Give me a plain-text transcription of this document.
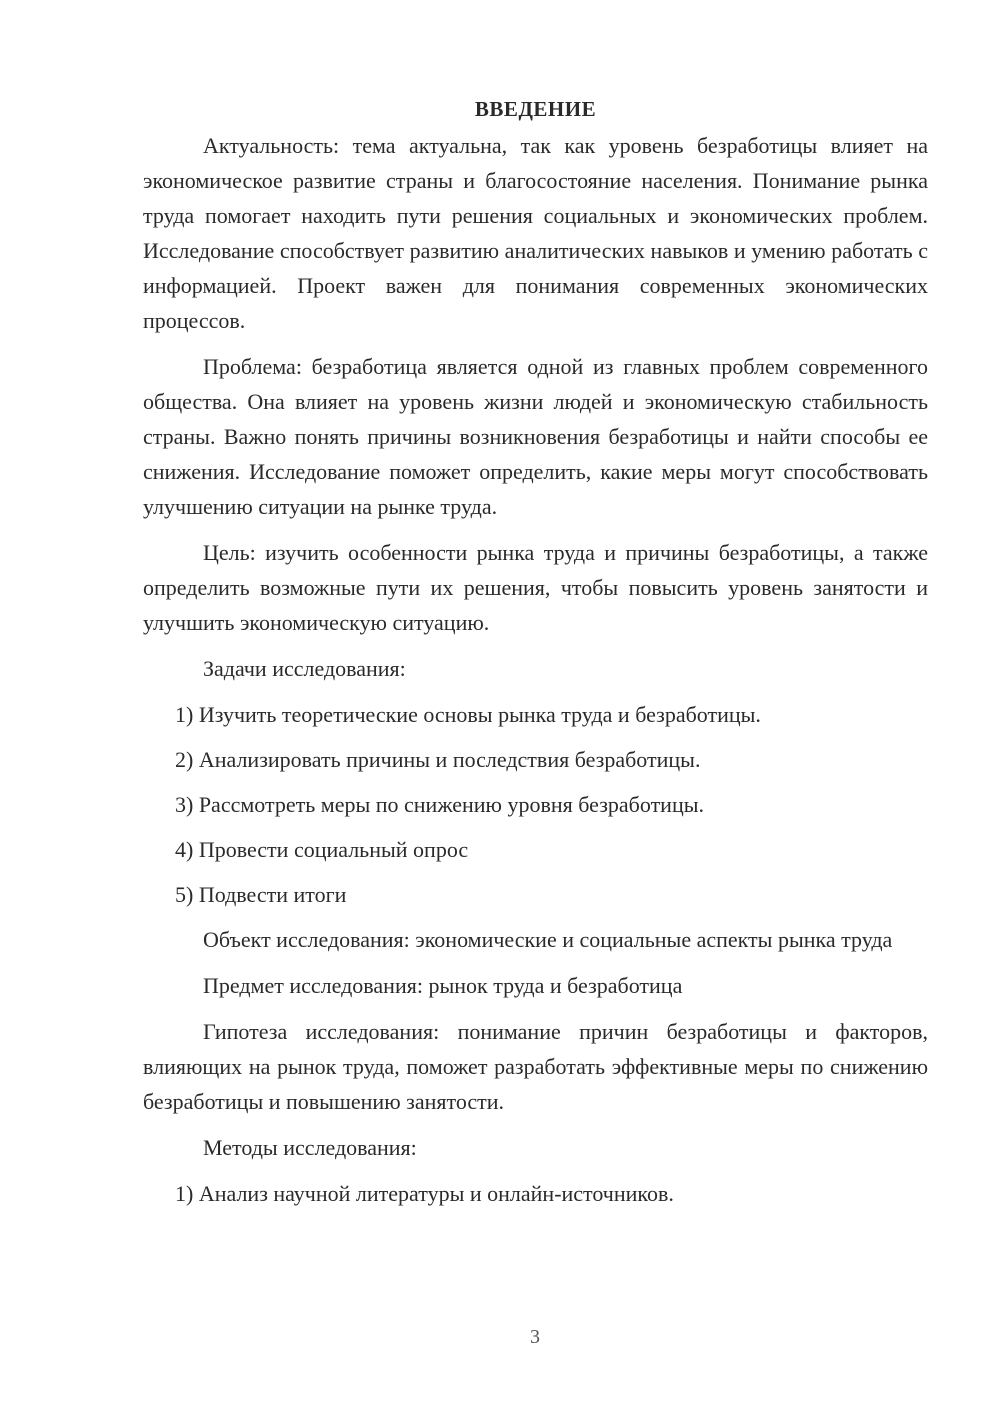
ВВЕДЕНИЕ

Актуальность: тема актуальна, так как уровень безработицы влияет на экономическое развитие страны и благосостояние населения. Понимание рынка труда помогает находить пути решения социальных и экономических проблем. Исследование способствует развитию аналитических навыков и умению работать с информацией. Проект важен для понимания современных экономических процессов.

Проблема: безработица является одной из главных проблем современного общества. Она влияет на уровень жизни людей и экономическую стабильность страны. Важно понять причины возникновения безработицы и найти способы ее снижения. Исследование поможет определить, какие меры могут способствовать улучшению ситуации на рынке труда.

Цель: изучить особенности рынка труда и причины безработицы, а также определить возможные пути их решения, чтобы повысить уровень занятости и улучшить экономическую ситуацию.

Задачи исследования:

1) Изучить теоретические основы рынка труда и безработицы.
2) Анализировать причины и последствия безработицы.
3) Рассмотреть меры по снижению уровня безработицы.
4) Провести социальный опрос
5) Подвести итоги

Объект исследования: экономические и социальные аспекты рынка труда

Предмет исследования: рынок труда и безработица

Гипотеза исследования: понимание причин безработицы и факторов, влияющих на рынок труда, поможет разработать эффективные меры по снижению безработицы и повышению занятости.

Методы исследования:

1) Анализ научной литературы и онлайн-источников.
3
